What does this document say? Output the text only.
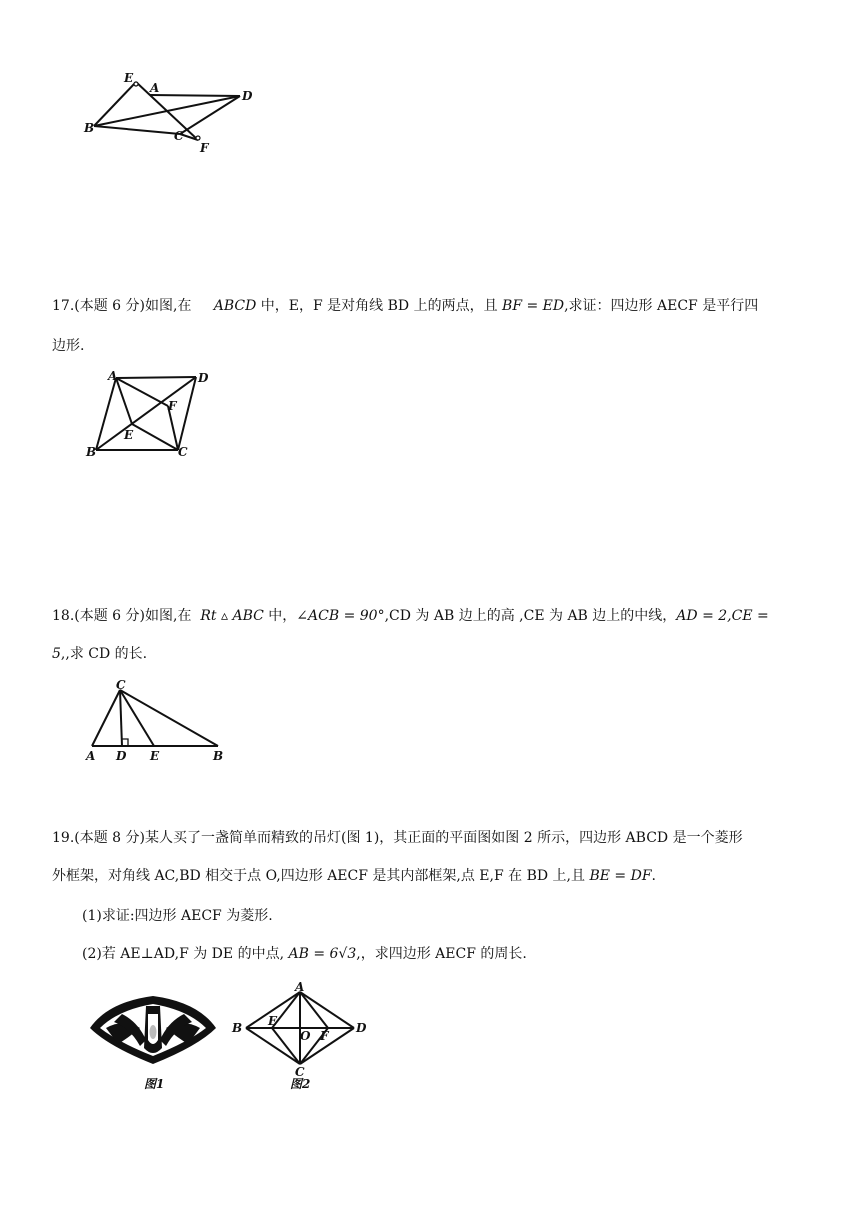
E
A
D
B
C
F
17.(本题 6 分)如图,在 ABCD 中，E，F 是对角线 BD 上的两点，且 BF = ED,求证：四边形 AECF 是平行四
边形.
A	D
F
E
B	C
18.(本题 6 分)如图,在 Rt ▵ ABC 中，∠ACB = 90°,CD 为 AB 边上的高 ,CE 为 AB 边上的中线，AD = 2,CE =
5,,求 CD 的长.
C
A D E	B
19.(本题 8 分)某人买了一盏简单而精致的吊灯(图 1)，其正面的平面图如图 2 所示，四边形 ABCD 是一个菱形
外框架，对角线 AC,BD 相交于点 O,四边形 AECF 是其内部框架,点 E,F 在 BD 上,且 BE = DF.
(1)求证:四边形 AECF 为菱形.
(2)若 AE⊥AD,F 为 DE 的中点, AB = 6√3,，求四边形 AECF 的周长.
图1
A
B E
O F
D
C
图2
